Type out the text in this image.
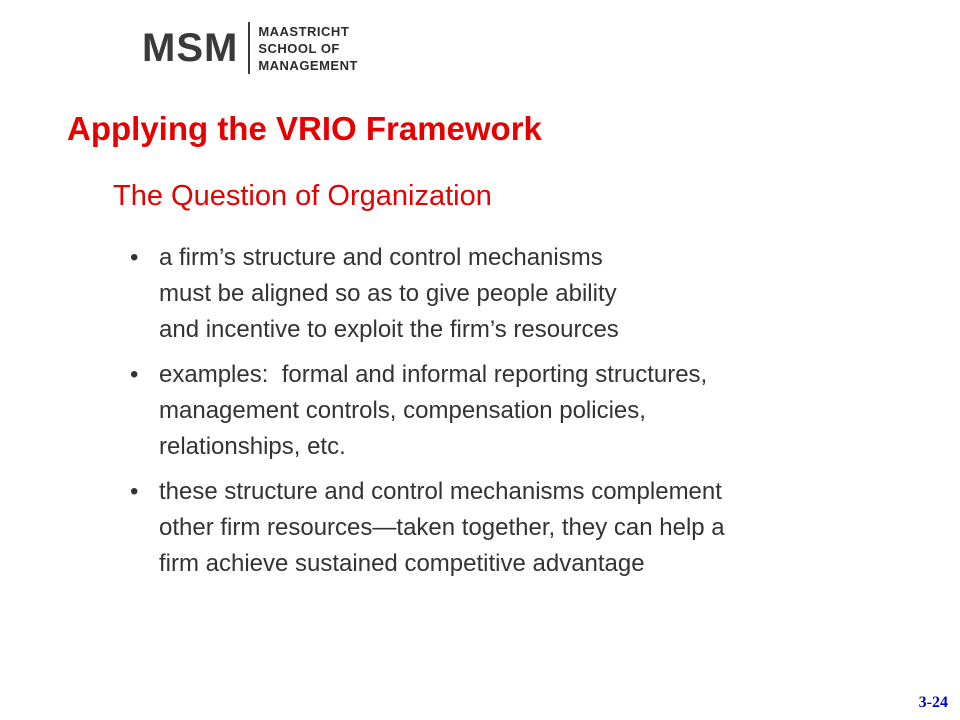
MSM MAASTRICHT
SCHOOL OF
MANAGEMENT
Applying the VRIO Framework
The Question of Organization
• a firm’s structure and control mechanisms
must be aligned so as to give people ability
and incentive to exploit the firm’s resources
• examples:  formal and informal reporting structures,
management controls, compensation policies,
relationships, etc.
• these structure and control mechanisms complement
other firm resources—taken together, they can help a
firm achieve sustained competitive advantage
3-24
